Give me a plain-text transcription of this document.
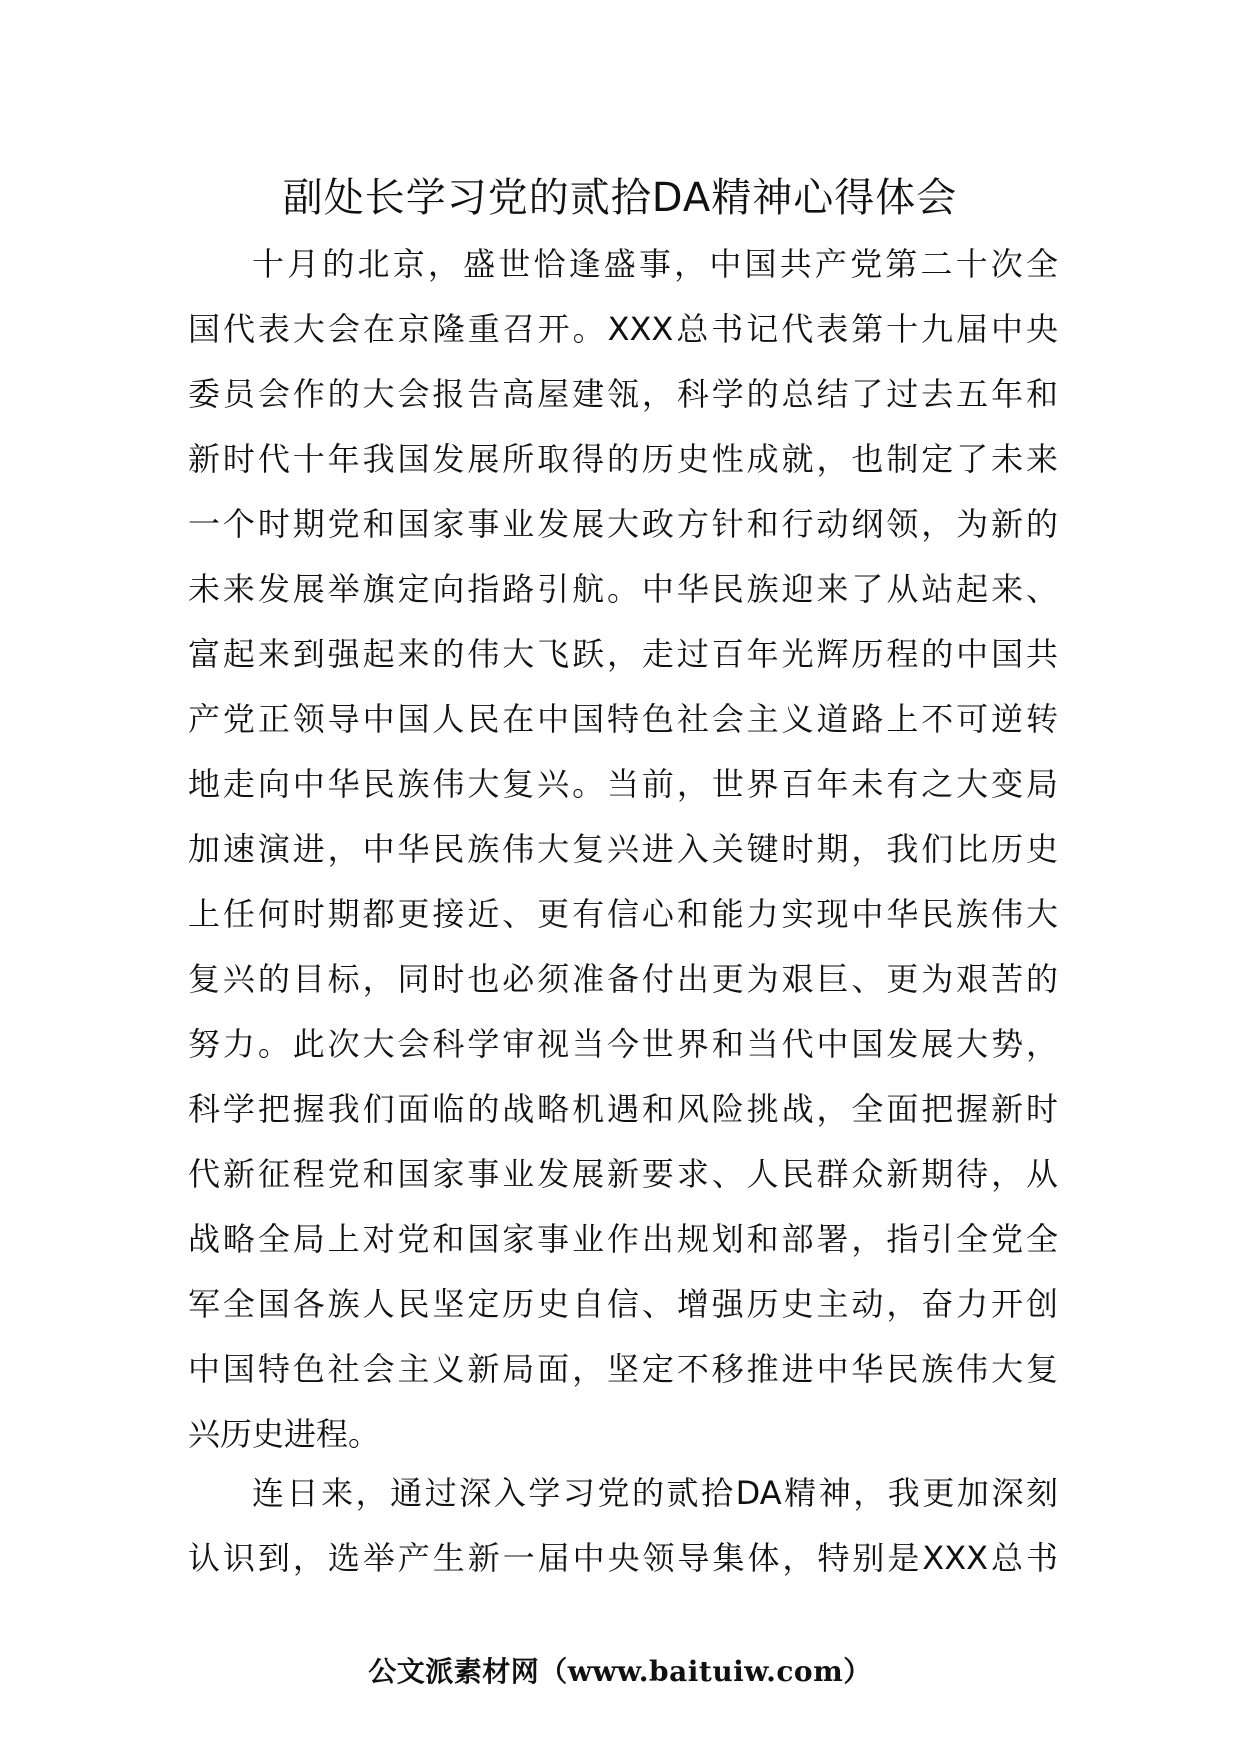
副处长学习党的贰拾DA精神心得体会
十月的北京，盛世恰逢盛事，中国共产党第二十次全
国代表大会在京隆重召开。XXX总书记代表第十九届中央
委员会作的大会报告高屋建瓴，科学的总结了过去五年和
新时代十年我国发展所取得的历史性成就，也制定了未来
一个时期党和国家事业发展大政方针和行动纲领，为新的
未来发展举旗定向指路引航。中华民族迎来了从站起来、
富起来到强起来的伟大飞跃，走过百年光辉历程的中国共
产党正领导中国人民在中国特色社会主义道路上不可逆转
地走向中华民族伟大复兴。当前，世界百年未有之大变局
加速演进，中华民族伟大复兴进入关键时期，我们比历史
上任何时期都更接近、更有信心和能力实现中华民族伟大
复兴的目标，同时也必须准备付出更为艰巨、更为艰苦的
努力。此次大会科学审视当今世界和当代中国发展大势，
科学把握我们面临的战略机遇和风险挑战，全面把握新时
代新征程党和国家事业发展新要求、人民群众新期待，从
战略全局上对党和国家事业作出规划和部署，指引全党全
军全国各族人民坚定历史自信、增强历史主动，奋力开创
中国特色社会主义新局面，坚定不移推进中华民族伟大复
兴历史进程。
连日来，通过深入学习党的贰拾DA精神，我更加深刻
认识到，选举产生新一届中央领导集体，特别是XXX总书
公文派素材网（www.baituiw.com）
